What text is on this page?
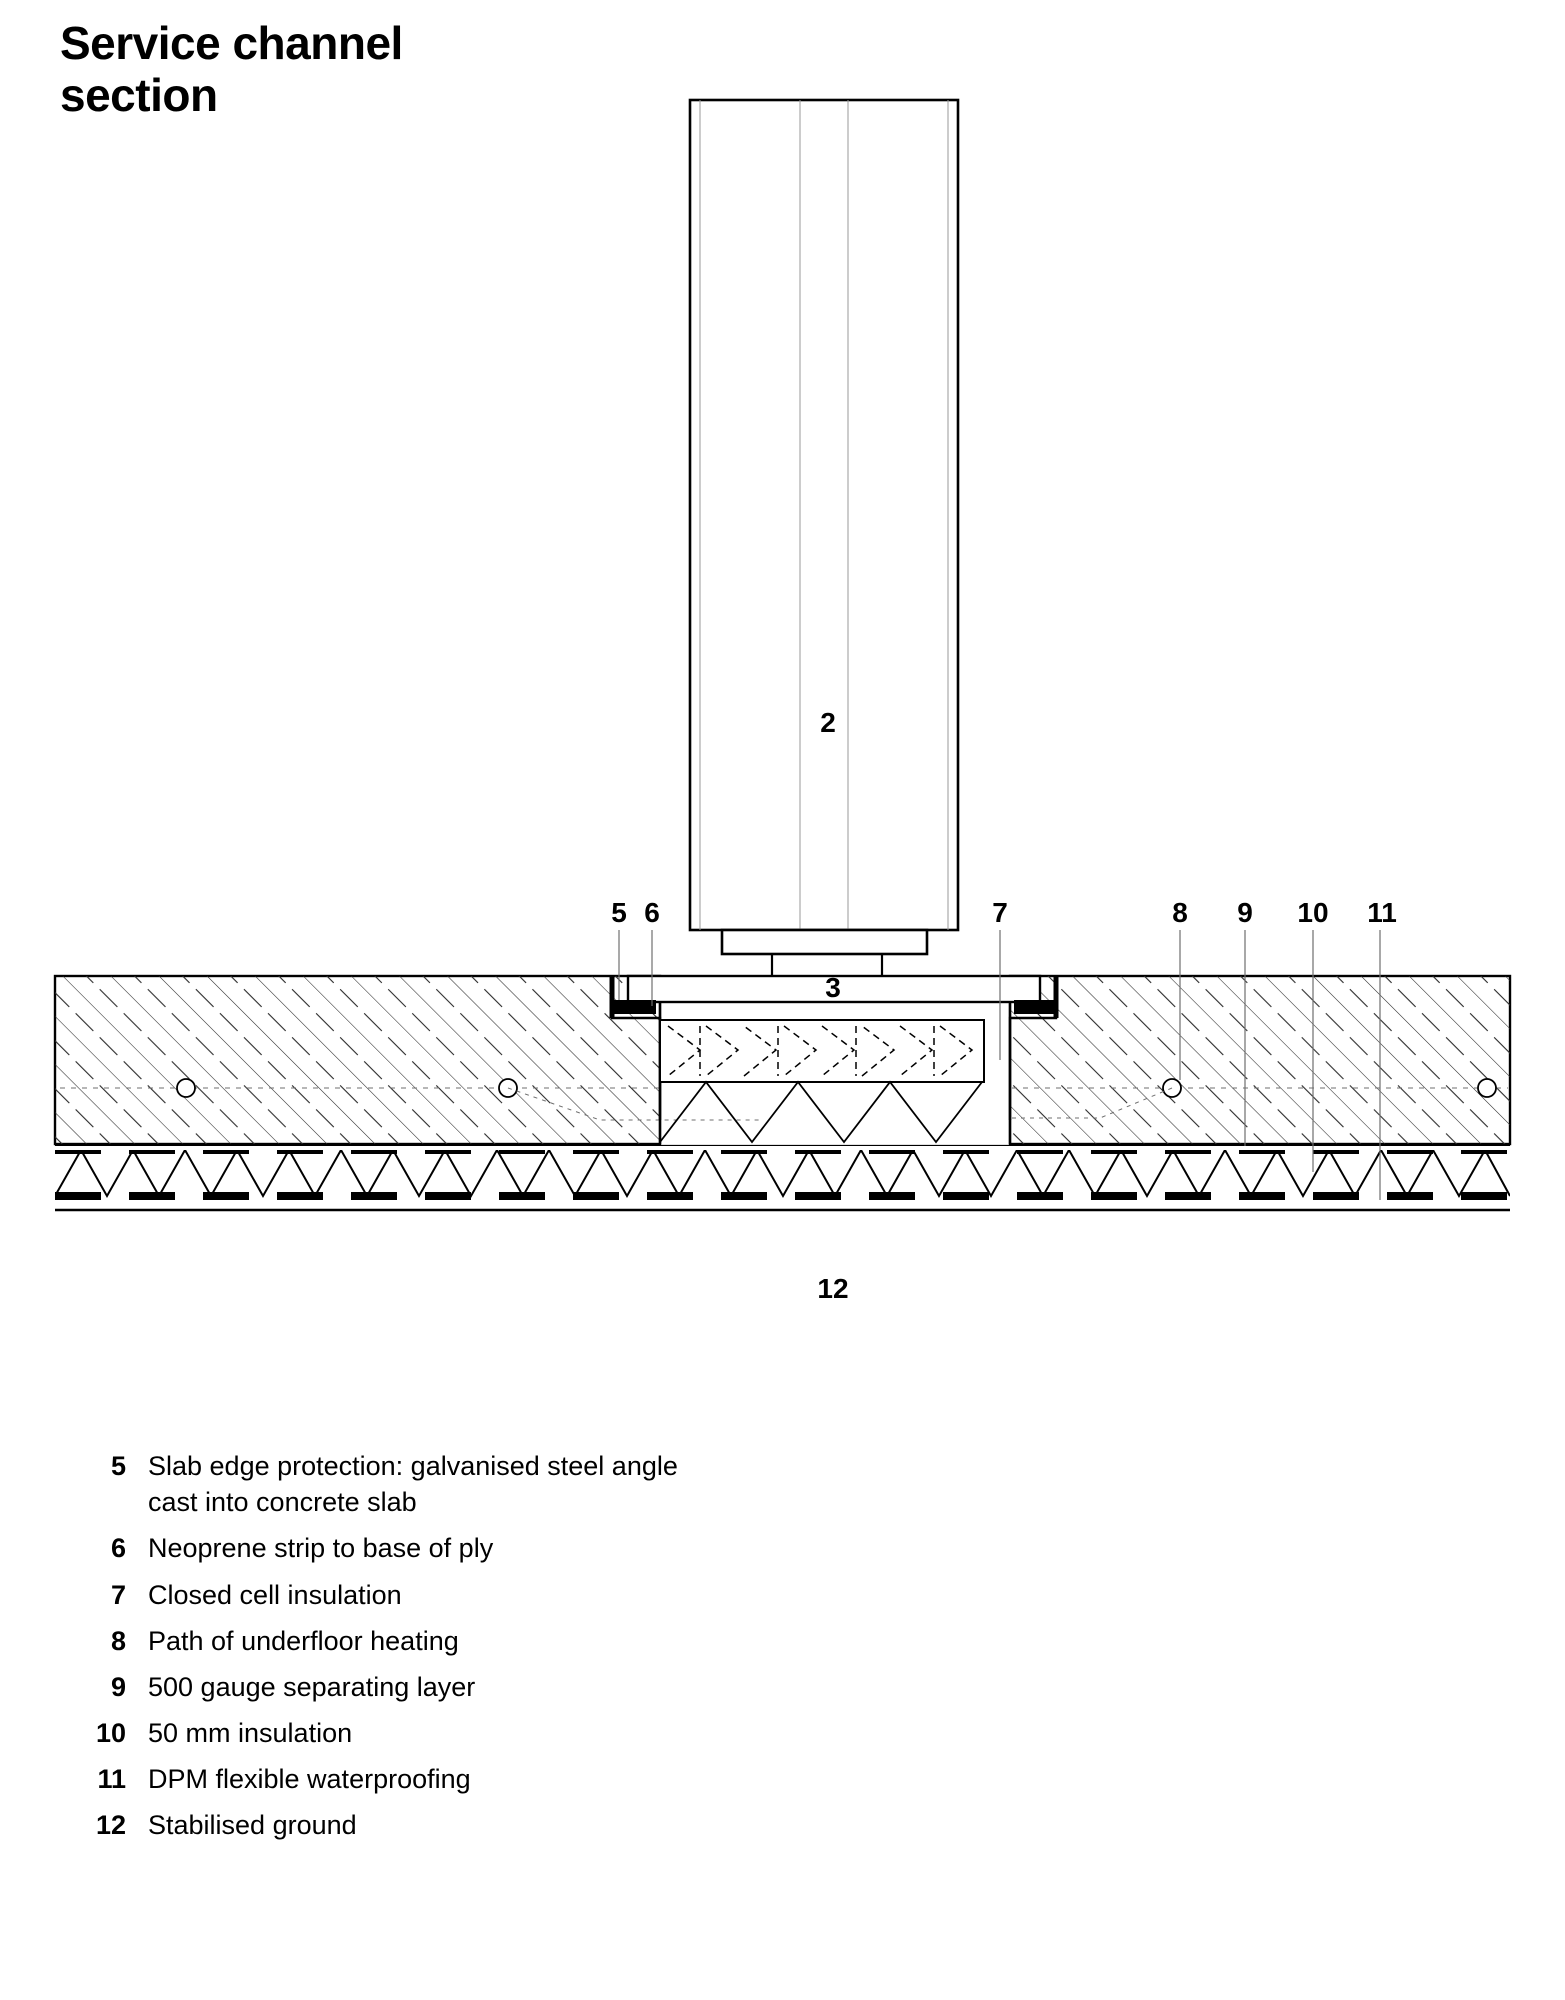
Service channel
section
2
3
5 6	7	8 9 10 11
12
5 Slab edge protection: galvanised steel angle cast into concrete slab
6 Neoprene strip to base of ply
7 Closed cell insulation
8 Path of underfloor heating
9 500 gauge separating layer
10 50 mm insulation
11 DPM flexible waterproofing
12 Stabilised ground
